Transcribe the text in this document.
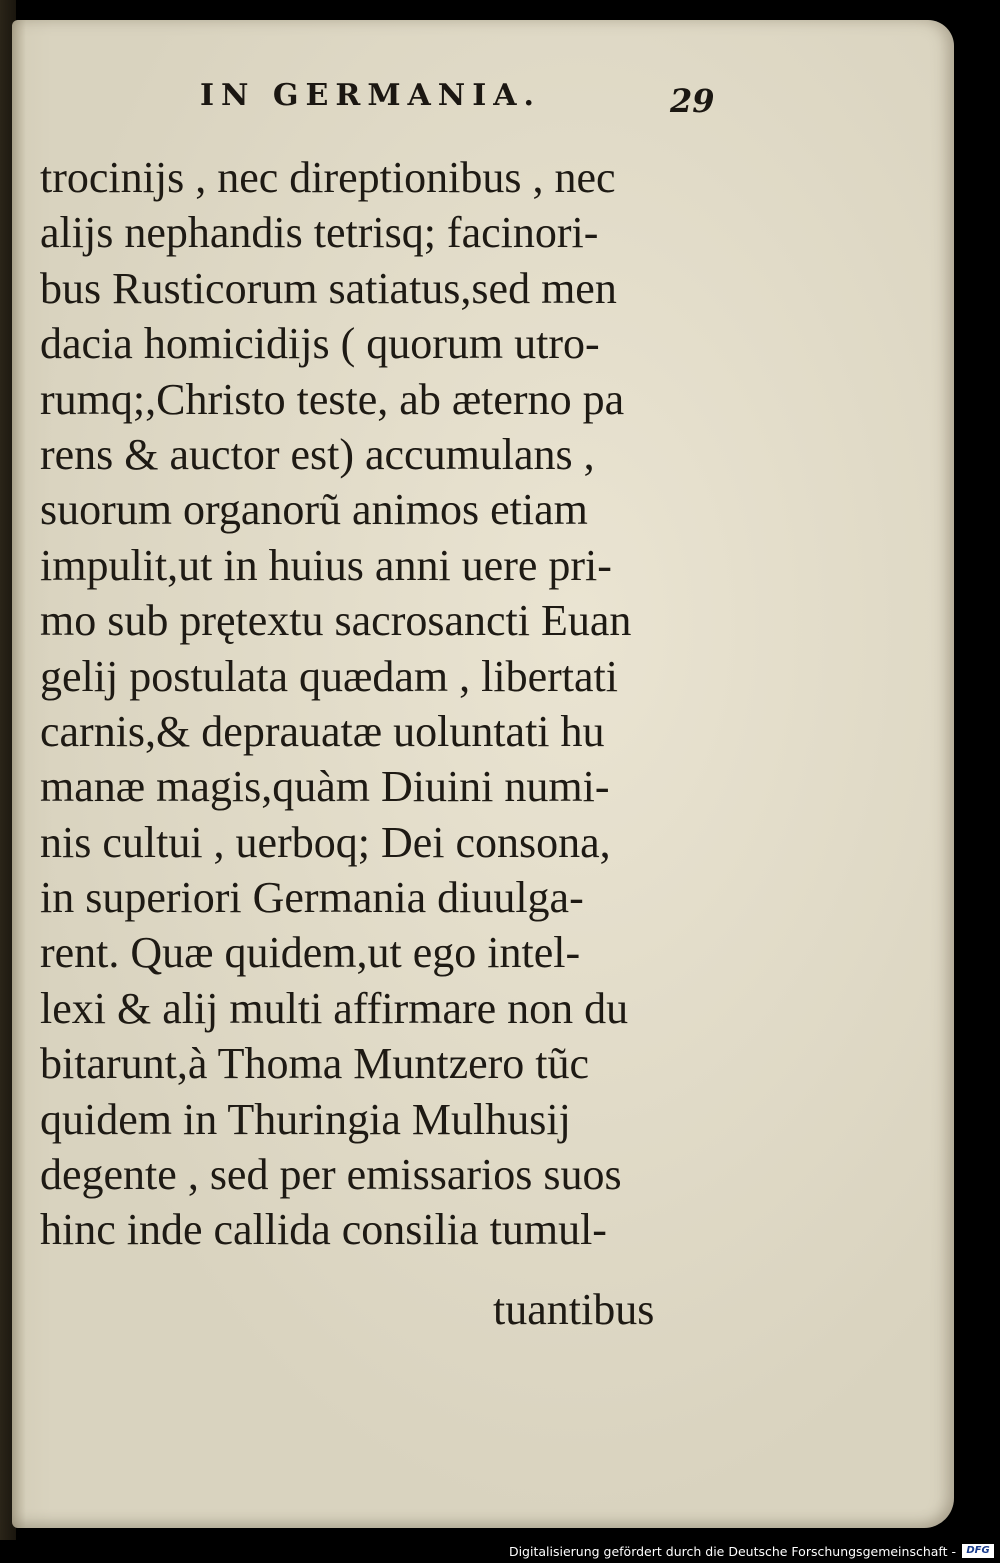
IN GERMANIA.	29
trocinijs , nec direptionibus , nec
alijs nephandis tetrisq; facinori-
bus Rusticorum satiatus,sed men
dacia homicidijs ( quorum utro-
rumq;,Christo teste, ab æterno pa
rens & auctor est) accumulans ,
suorum organorũ animos etiam
impulit,ut in huius anni uere pri-
mo sub prętextu sacrosancti Euan
gelij postulata quædam , libertati
carnis,& deprauatæ uoluntati hu
manæ magis,quàm Diuini numi-
nis cultui , uerboq; Dei consona,
in superiori Germania diuulga-
rent. Quæ quidem,ut ego intel-
lexi & alij multi affirmare non du
bitarunt,à Thoma Muntzero tũc
quidem in Thuringia Mulhusij
degente , sed per emissarios suos
hinc inde callida consilia tumul-
tuantibus
Digitalisierung gefördert durch die Deutsche Forschungsgemeinschaft -	DFG
